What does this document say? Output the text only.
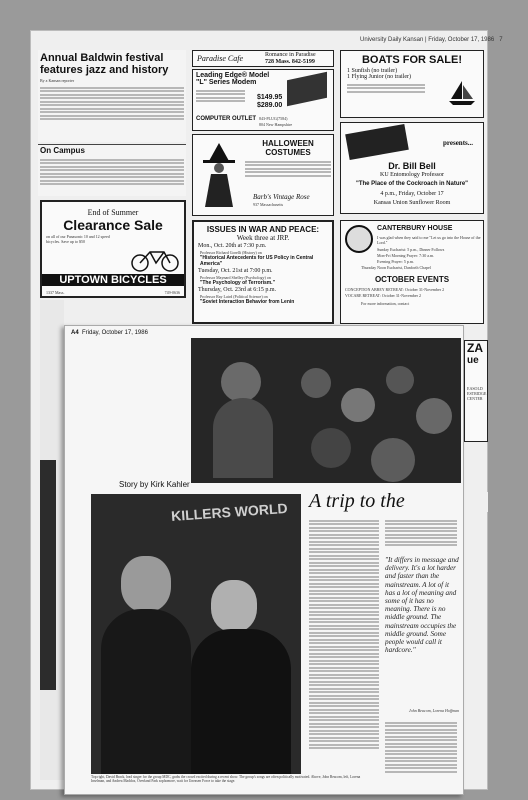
University Daily Kansan | Friday, October 17, 1986 7
Annual Baldwin festival features jazz and history
By a Kansan reporter
On Campus
End of Summer
Clearance Sale
on all of our Panasonic 10 and 12 speed bicycles. Save up to $50
UPTOWN BICYCLES
1337 Mass.	749-0636
Paradise Cafe	Romance in Paradise
728 Mass. 842-5199
Leading Edge® Model "L" Series Modem
$149.95
$289.00
COMPUTER OUTLET 843-PLUG(7584)
804 New Hampshire
HALLOWEEN COSTUMES
Barb's Vintage Rose
937 Massachusetts
ISSUES IN WAR AND PEACE:
Week three at JRP.
Mon., Oct. 20th at 7:30 p.m.
Professor Richard Gorelli (History) on
"Historical Antecedents for US Policy in Central America"
Tuesday, Oct. 21st at 7:00 p.m.
Professor Maynard Shelley (Psychology) on
"The Psychology of Terrorism."
Thursday, Oct. 23rd at 6:15 p.m.
Professor Ray Laird (Political Science) on
"Soviet Interaction Behavior from Lenin
BOATS FOR SALE!
1 Sunfish (no trailer)
1 Flying Junior (no trailer)
presents...
Dr. Bill Bell
KU Entomology Professor
"The Place of the Cockroach in Nature"
4 p.m., Friday, October 17
Kansas Union Sunflower Room
CANTERBURY HOUSE
I was glad when they said to me "Let us go into the House of the Lord."
Sunday Eucharist: 5 p.m., Dinner Follows
Mon-Fri Morning Prayer: 7:30 a.m.
Evening Prayer: 5 p.m.
Thursday Noon Eucharist, Danforth Chapel
OCTOBER EVENTS
CONCEPTION ABBEY RETREAT: October 31-November 2
VOCARE RETREAT: October 31-November 2
For more information, contact
ZA
ue
EASOLD
ESTRIDGE
CENTER
A4 Friday, October 17, 1986
Story by Kirk Kahler
KILLERS WORLD
Top right, David Brack, lead singer for the group MDC, grabs the crowd excited during a recent show. The group's songs are often politically motivated. Above, John Beacom, left, Lorena Inselman, and Andrea Maddox, Overland Park sophomore, wait for Uneasen Force to take the stage.
A trip to the
"It differs in message and delivery. It's a lot harder and faster than the mainstream. A lot of it has a lot of meaning and some of it has no meaning. There is no middle ground. The mainstream occupies the middle ground. Some people would call it hardcore."
John Beacom, Lorena Hoffman
